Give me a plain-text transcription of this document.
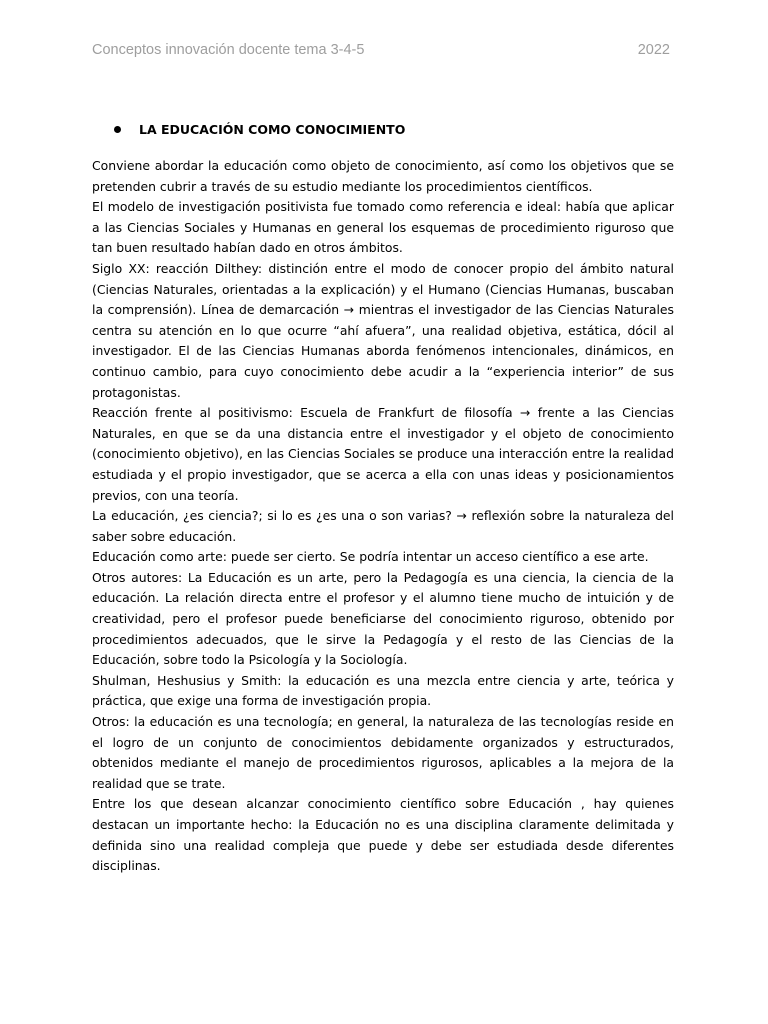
Conceptos innovación docente tema 3-4-5	2022
LA EDUCACIÓN COMO CONOCIMIENTO

Conviene abordar la educación como objeto de conocimiento, así como los objetivos que se pretenden cubrir a través de su estudio mediante los procedimientos científicos.

El modelo de investigación positivista fue tomado como referencia e ideal: había que aplicar a las Ciencias Sociales y Humanas en general los esquemas de procedimiento riguroso que tan buen resultado habían dado en otros ámbitos.

Siglo XX: reacción Dilthey: distinción entre el modo de conocer propio del ámbito natural (Ciencias Naturales, orientadas a la explicación) y el Humano (Ciencias Humanas, buscaban la comprensión). Línea de demarcación → mientras el investigador de las Ciencias Naturales centra su atención en lo que ocurre “ahí afuera”, una realidad objetiva, estática, dócil al investigador. El de las Ciencias Humanas aborda fenómenos intencionales, dinámicos, en continuo cambio, para cuyo conocimiento debe acudir a la “experiencia interior” de sus protagonistas.

Reacción frente al positivismo: Escuela de Frankfurt de filosofía → frente a las Ciencias Naturales, en que se da una distancia entre el investigador y el objeto de conocimiento (conocimiento objetivo), en las Ciencias Sociales se produce una interacción entre la realidad estudiada y el propio investigador, que se acerca a ella con unas ideas y posicionamientos previos, con una teoría.

La educación, ¿es ciencia?; si lo es ¿es una o son varias? → reflexión sobre la naturaleza del saber sobre educación.

Educación como arte: puede ser cierto. Se podría intentar un acceso científico a ese arte.

Otros autores: La Educación es un arte, pero la Pedagogía es una ciencia, la ciencia de la educación. La relación directa entre el profesor y el alumno tiene mucho de intuición y de creatividad, pero el profesor puede beneficiarse del conocimiento riguroso, obtenido por procedimientos adecuados, que le sirve la Pedagogía y el resto de las Ciencias de la Educación, sobre todo la Psicología y la Sociología.

Shulman, Heshusius y Smith: la educación es una mezcla entre ciencia y arte, teórica y práctica, que exige una forma de investigación propia.

Otros: la educación es una tecnología; en general, la naturaleza de las tecnologías reside en el logro de un conjunto de conocimientos debidamente organizados y estructurados, obtenidos mediante el manejo de procedimientos rigurosos, aplicables a la mejora de la realidad que se trate.

Entre los que desean alcanzar conocimiento científico sobre Educación , hay quienes destacan un importante hecho: la Educación no es una disciplina claramente delimitada y definida sino una realidad compleja que puede y debe ser estudiada desde diferentes disciplinas.
